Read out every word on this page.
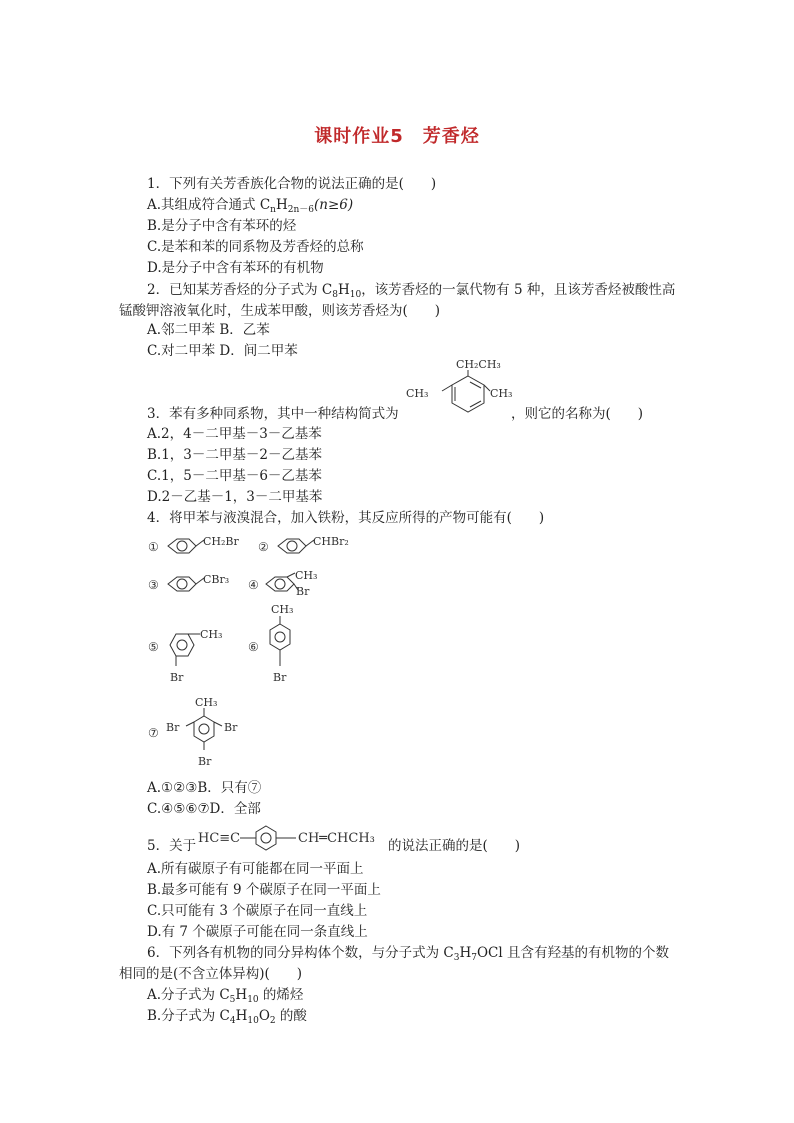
课时作业5　芳香烃
1．下列有关芳香族化合物的说法正确的是(　　)
A.其组成符合通式 $C_nH_{2n-6}(n\ge 6)$
B.是分子中含有苯环的烃
C.是苯和苯的同系物及芳香烃的总称
D.是分子中含有苯环的有机物
2．已知某芳香烃的分子式为 $C_8H_{10}$，该芳香烃的一氯代物有 5 种，且该芳香烃被酸性高
锰酸钾溶液氧化时，生成苯甲酸，则该芳香烃为(　　)
A.邻二甲苯 B．乙苯
C.对二甲苯 D．间二甲苯
CH₂CH₃
CH₃	CH₃
3．苯有多种同系物，其中一种结构简式为	，则它的名称为(　　)
A.2，4－二甲基－3－乙基苯
B.1，3－二甲基－2－乙基苯
C.1，5－二甲基－6－乙基苯
D.2－乙基－1，3－二甲基苯
4．将甲苯与液溴混合，加入铁粉，其反应所得的产物可能有(　　)
①	CH₂Br ②	CHBr₂
③	CBr₃ ④
CH₃
Br
⑤
CH₃
Br
⑥
CH₃
Br
⑦
CH₃
Br	Br
Br
A.①②③B．只有⑦
C.④⑤⑥⑦D．全部
5．关于 HC≡C	CH═CHCH₃ 的说法正确的是(　　)
A.所有碳原子有可能都在同一平面上
B.最多可能有 9 个碳原子在同一平面上
C.只可能有 3 个碳原子在同一直线上
D.有 7 个碳原子可能在同一条直线上
6．下列各有机物的同分异构体个数，与分子式为 $C_3H_7OCl$ 且含有羟基的有机物的个数
相同的是(不含立体异构)(　　)
A.分子式为 $C_5H_{10}$ 的烯烃
B.分子式为 $C_4H_{10}O_2$ 的酸
